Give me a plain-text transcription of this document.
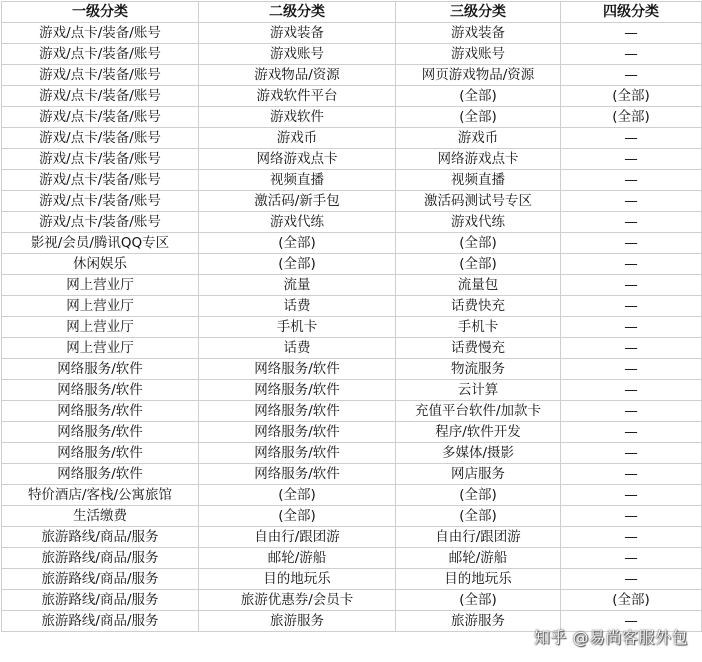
一级分类	二级分类	三级分类	四级分类
游戏/点卡/装备/账号	游戏装备	游戏装备	—
游戏/点卡/装备/账号	游戏账号	游戏账号	—
游戏/点卡/装备/账号	游戏物品/资源	网页游戏物品/资源	—
游戏/点卡/装备/账号	游戏软件平台	(全部)	(全部)
游戏/点卡/装备/账号	游戏软件	(全部)	(全部)
游戏/点卡/装备/账号	游戏币	游戏币	—
游戏/点卡/装备/账号	网络游戏点卡	网络游戏点卡	—
游戏/点卡/装备/账号	视频直播	视频直播	—
游戏/点卡/装备/账号	激活码/新手包	激活码测试号专区	—
游戏/点卡/装备/账号	游戏代练	游戏代练	—
影视/会员/腾讯QQ专区	(全部)	(全部)	—
休闲娱乐	(全部)	(全部)	—
网上营业厅	流量	流量包	—
网上营业厅	话费	话费快充	—
网上营业厅	手机卡	手机卡	—
网上营业厅	话费	话费慢充	—
网络服务/软件	网络服务/软件	物流服务	—
网络服务/软件	网络服务/软件	云计算	—
网络服务/软件	网络服务/软件	充值平台软件/加款卡	—
网络服务/软件	网络服务/软件	程序/软件开发	—
网络服务/软件	网络服务/软件	多媒体/摄影	—
网络服务/软件	网络服务/软件	网店服务	—
特价酒店/客栈/公寓旅馆	(全部)	(全部)	—
生活缴费	(全部)	(全部)	—
旅游路线/商品/服务	自由行/跟团游	自由行/跟团游	—
旅游路线/商品/服务	邮轮/游船	邮轮/游船	—
旅游路线/商品/服务	目的地玩乐	目的地玩乐	—
旅游路线/商品/服务	旅游优惠券/会员卡	(全部)	(全部)
旅游路线/商品/服务	旅游服务	旅游服务	—
知乎 @易尚客服外包
